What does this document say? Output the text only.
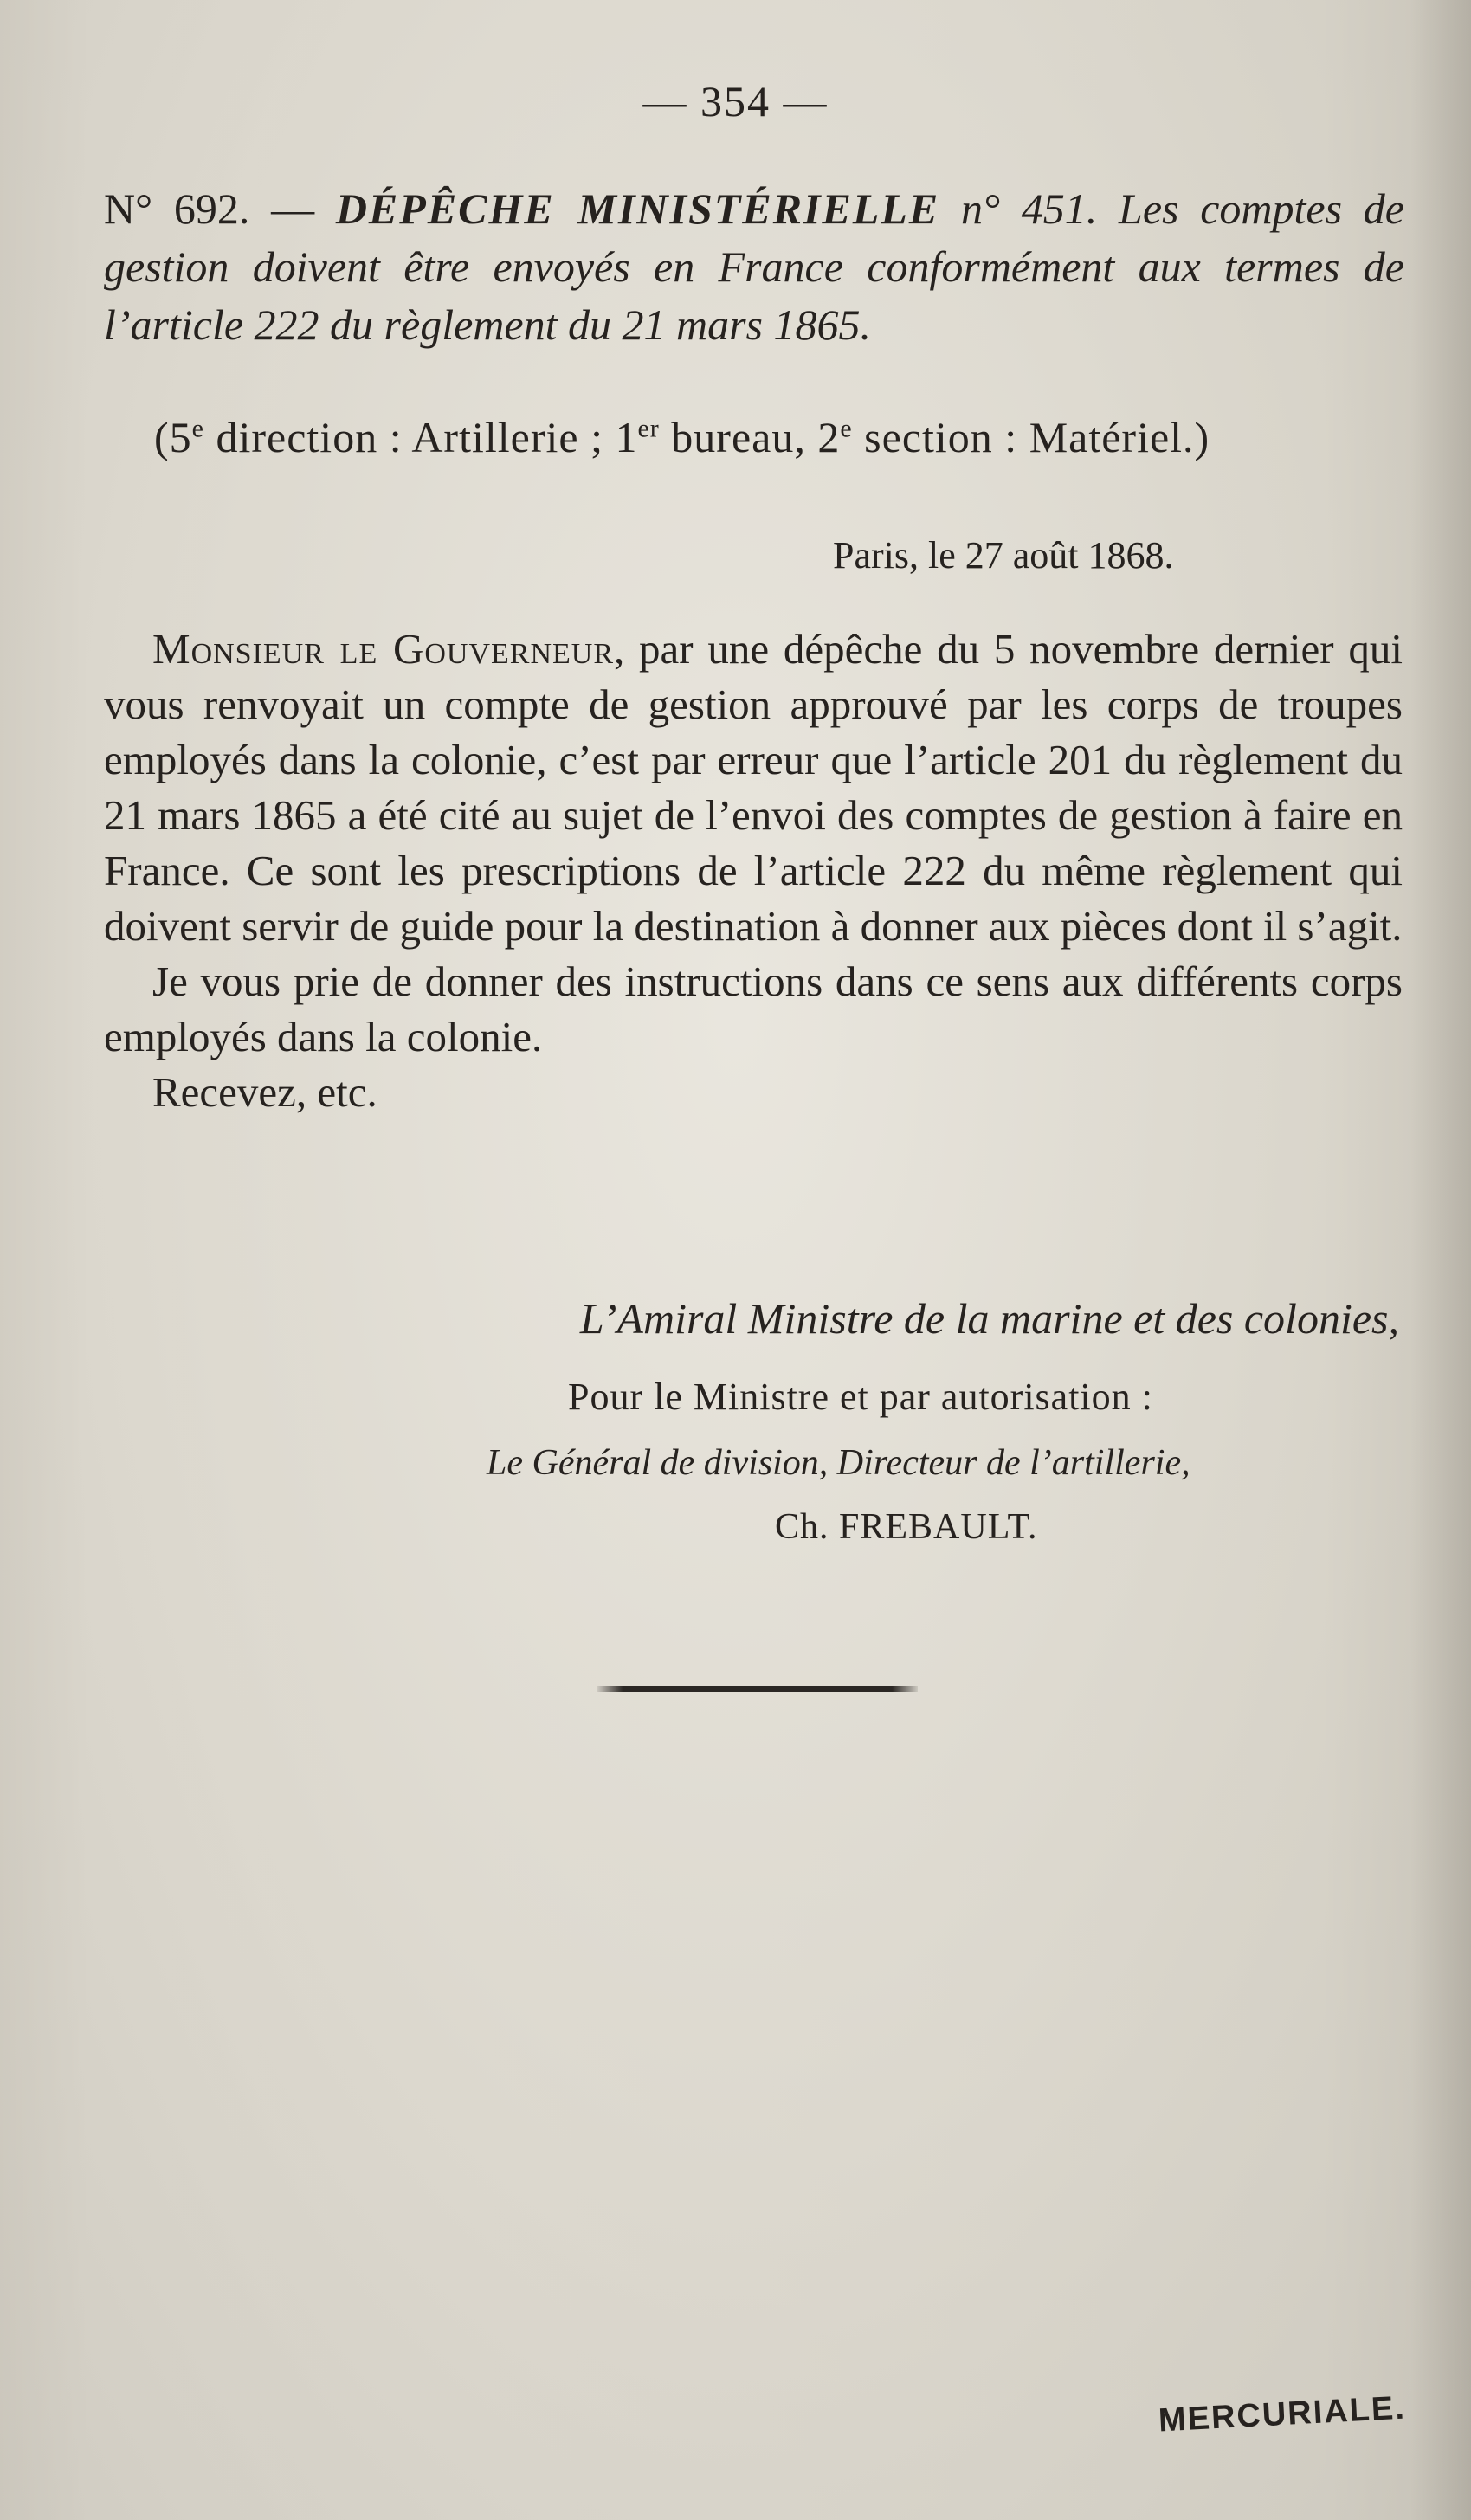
— 354 —
N° 692. — DÉPÊCHE MINISTÉRIELLE n° 451. Les comptes de gestion doivent être envoyés en France conformément aux termes de l’article 222 du règlement du 21 mars 1865.
(5e direction : Artillerie ; 1er bureau, 2e section : Matériel.)
Paris, le 27 août 1868.

Monsieur le Gouverneur, par une dépêche du 5 novembre dernier qui vous renvoyait un compte de gestion approuvé par les corps de troupes employés dans la colonie, c’est par erreur que l’article 201 du règlement du 21 mars 1865 a été cité au sujet de l’envoi des comptes de gestion à faire en France. Ce sont les prescriptions de l’article 222 du même règlement qui doivent servir de guide pour la destination à donner aux pièces dont il s’agit.

Je vous prie de donner des instructions dans ce sens aux différents corps employés dans la colonie.

Recevez, etc.

L’Amiral Ministre de la marine et des colonies,
Pour le Ministre et par autorisation :
Le Général de division, Directeur de l’artillerie,
Ch. FREBAULT.
MERCURIALE.
